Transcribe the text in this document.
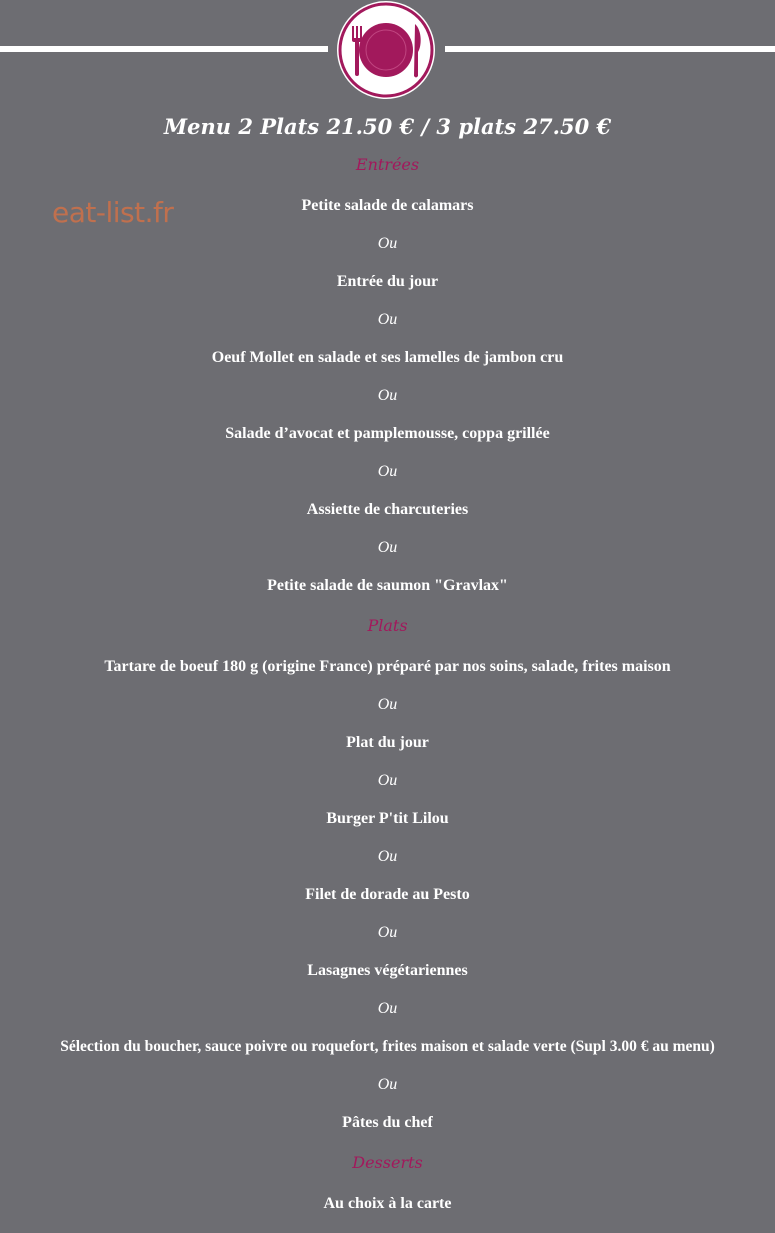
eat-list.fr
Menu 2 Plats 21.50 € / 3 plats 27.50 €
Entrées
Petite salade de calamars
Ou
Entrée du jour
Ou
Oeuf Mollet en salade et ses lamelles de jambon cru
Ou
Salade d’avocat et pamplemousse, coppa grillée
Ou
Assiette de charcuteries
Ou
Petite salade de saumon "Gravlax"
Plats
Tartare de boeuf 180 g (origine France) préparé par nos soins, salade, frites maison
Ou
Plat du jour
Ou
Burger P'tit Lilou
Ou
Filet de dorade au Pesto
Ou
Lasagnes végétariennes
Ou
Sélection du boucher, sauce poivre ou roquefort, frites maison et salade verte (Supl 3.00 € au menu)
Ou
Pâtes du chef
Desserts
Au choix à la carte
